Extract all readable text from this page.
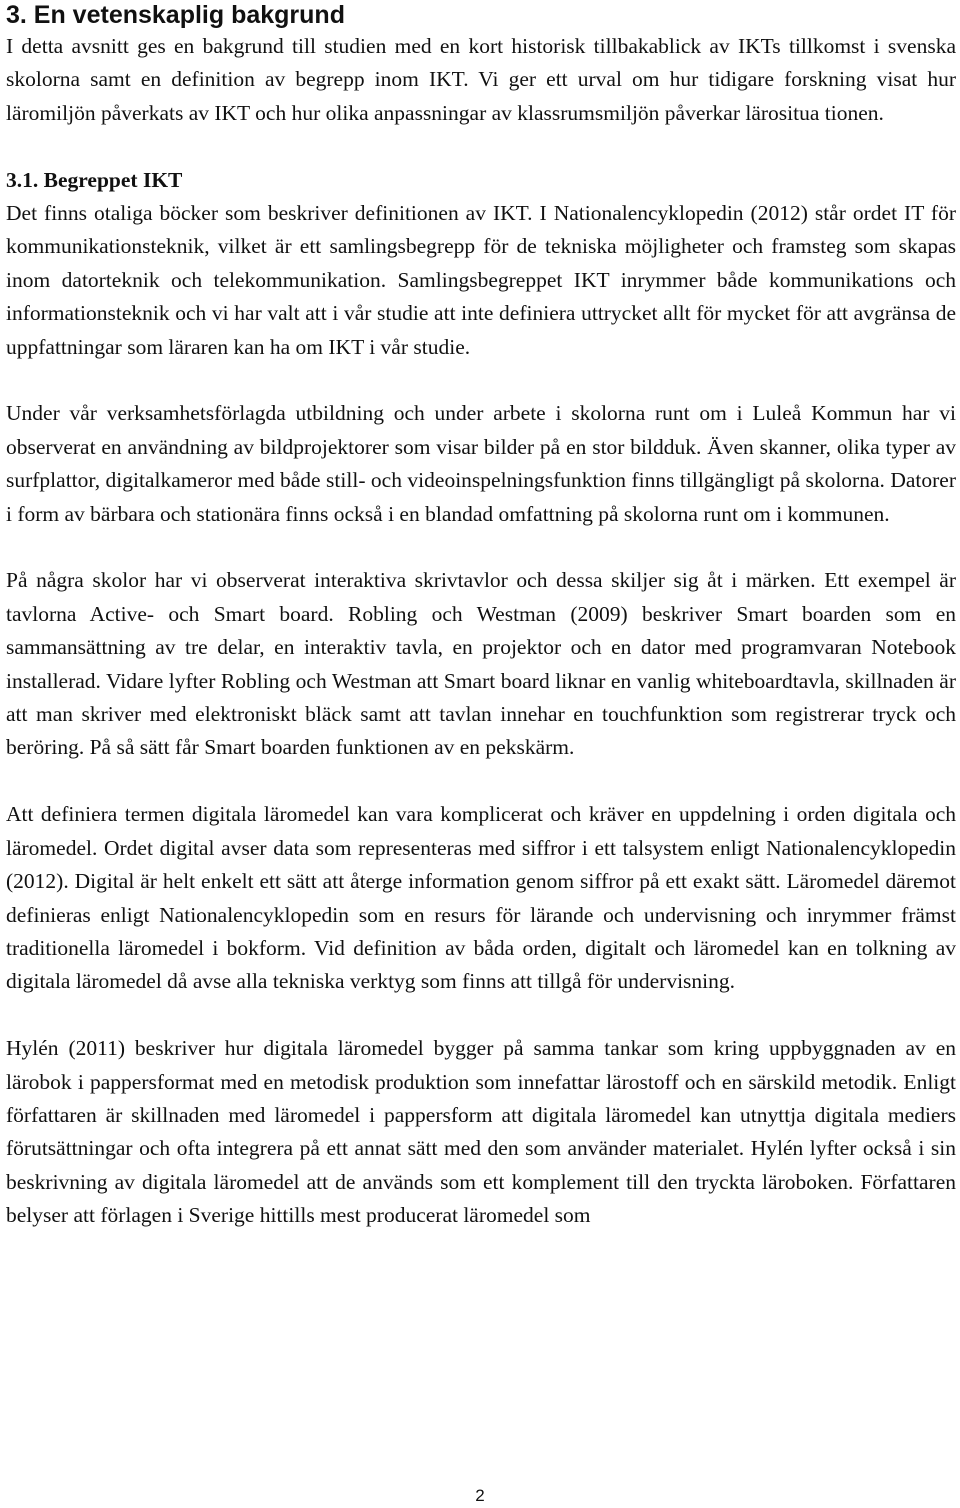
3. En vetenskaplig bakgrund

I detta avsnitt ges en bakgrund till studien med en kort historisk tillbakablick av IKTs tillkomst i svenska skolorna samt en definition av begrepp inom IKT. Vi ger ett urval om hur tidigare forskning visat hur läromiljön påverkats av IKT och hur olika anpassningar av klassrumsmiljön påverkar lärositua tionen.

3.1. Begreppet IKT

Det finns otaliga böcker som beskriver definitionen av IKT. I Nationalencyklopedin (2012) står ordet IT för kommunikationsteknik, vilket är ett samlingsbegrepp för de tekniska möjligheter och framsteg som skapas inom datorteknik och telekommunikation. Samlingsbegreppet IKT inrymmer både kommunikations och informationsteknik och vi har valt att i vår studie att inte definiera uttrycket allt för mycket för att avgränsa de uppfattningar som läraren kan ha om IKT i vår studie.

Under vår verksamhetsförlagda utbildning och under arbete i skolorna runt om i Luleå Kommun har vi observerat en användning av bildprojektorer som visar bilder på en stor bildduk. Även skanner, olika typer av surfplattor, digitalkameror med både still- och videoinspelningsfunktion finns tillgängligt på skolorna. Datorer i form av bärbara och stationära finns också i en blandad omfattning på skolorna runt om i kommunen.

På några skolor har vi observerat interaktiva skrivtavlor och dessa skiljer sig åt i märken. Ett exempel är tavlorna Active- och Smart board. Robling och Westman (2009) beskriver Smart boarden som en sammansättning av tre delar, en interaktiv tavla, en projektor och en dator med programvaran Notebook installerad. Vidare lyfter Robling och Westman att Smart board liknar en vanlig whiteboardtavla, skillnaden är att man skriver med elektroniskt bläck samt att tavlan innehar en touchfunktion som registrerar tryck och beröring. På så sätt får Smart boarden funktionen av en pekskärm.

Att definiera termen digitala läromedel kan vara komplicerat och kräver en uppdelning i orden digitala och läromedel. Ordet digital avser data som representeras med siffror i ett talsystem enligt Nationalencyklopedin (2012). Digital är helt enkelt ett sätt att återge information genom siffror på ett exakt sätt. Läromedel däremot definieras enligt Nationalencyklopedin som en resurs för lärande och undervisning och inrymmer främst traditionella läromedel i bokform. Vid definition av båda orden, digitalt och läromedel kan en tolkning av digitala läromedel då avse alla tekniska verktyg som finns att tillgå för undervisning.

Hylén (2011) beskriver hur digitala läromedel bygger på samma tankar som kring uppbyggnaden av en lärobok i pappersformat med en metodisk produktion som innefattar lärostoff och en särskild metodik. Enligt författaren är skillnaden med läromedel i pappersform att digitala läromedel kan utnyttja digitala mediers förutsättningar och ofta integrera på ett annat sätt med den som använder materialet. Hylén lyfter också i sin beskrivning av digitala läromedel att de används som ett komplement till den tryckta läroboken. Författaren belyser att förlagen i Sverige hittills mest producerat läromedel som

2
